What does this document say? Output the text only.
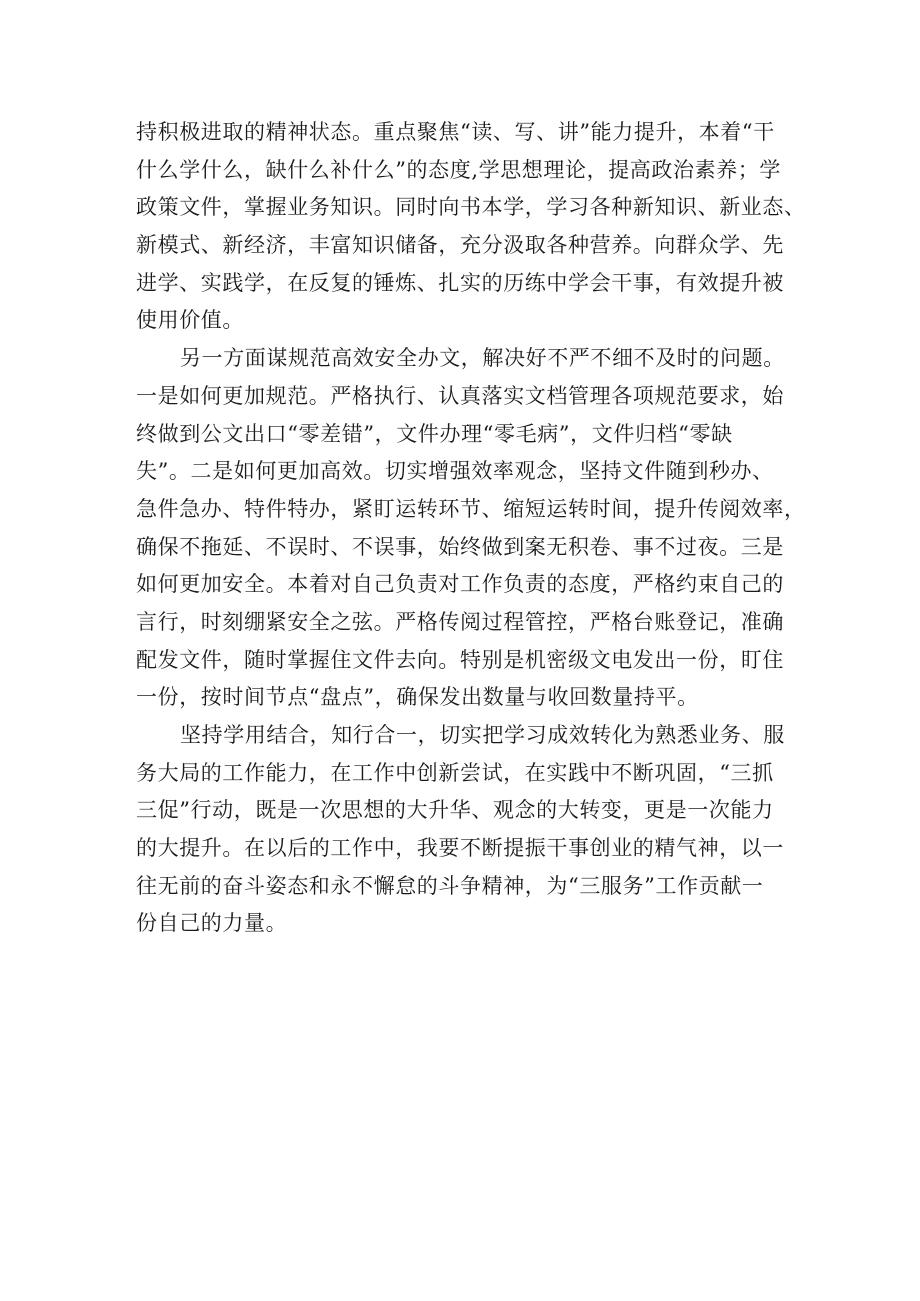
持积极进取的精神状态。重点聚焦“读、写、讲”能力提升，本着“干
什么学什么，缺什么补什么”的态度,学思想理论，提高政治素养；学
政策文件，掌握业务知识。同时向书本学，学习各种新知识、新业态、
新模式、新经济，丰富知识储备，充分汲取各种营养。向群众学、先
进学、实践学，在反复的锤炼、扎实的历练中学会干事，有效提升被
使用价值。

另一方面谋规范高效安全办文，解决好不严不细不及时的问题。
一是如何更加规范。严格执行、认真落实文档管理各项规范要求，始
终做到公文出口“零差错”，文件办理“零毛病”，文件归档“零缺
失”。二是如何更加高效。切实增强效率观念，坚持文件随到秒办、
急件急办、特件特办，紧盯运转环节、缩短运转时间，提升传阅效率，
确保不拖延、不误时、不误事，始终做到案无积卷、事不过夜。三是
如何更加安全。本着对自己负责对工作负责的态度，严格约束自己的
言行，时刻绷紧安全之弦。严格传阅过程管控，严格台账登记，准确
配发文件，随时掌握住文件去向。特别是机密级文电发出一份，盯住
一份，按时间节点“盘点”，确保发出数量与收回数量持平。

坚持学用结合，知行合一，切实把学习成效转化为熟悉业务、服
务大局的工作能力，在工作中创新尝试，在实践中不断巩固，“三抓
三促”行动，既是一次思想的大升华、观念的大转变，更是一次能力
的大提升。在以后的工作中，我要不断提振干事创业的精气神，以一
往无前的奋斗姿态和永不懈怠的斗争精神，为“三服务”工作贡献一
份自己的力量。
